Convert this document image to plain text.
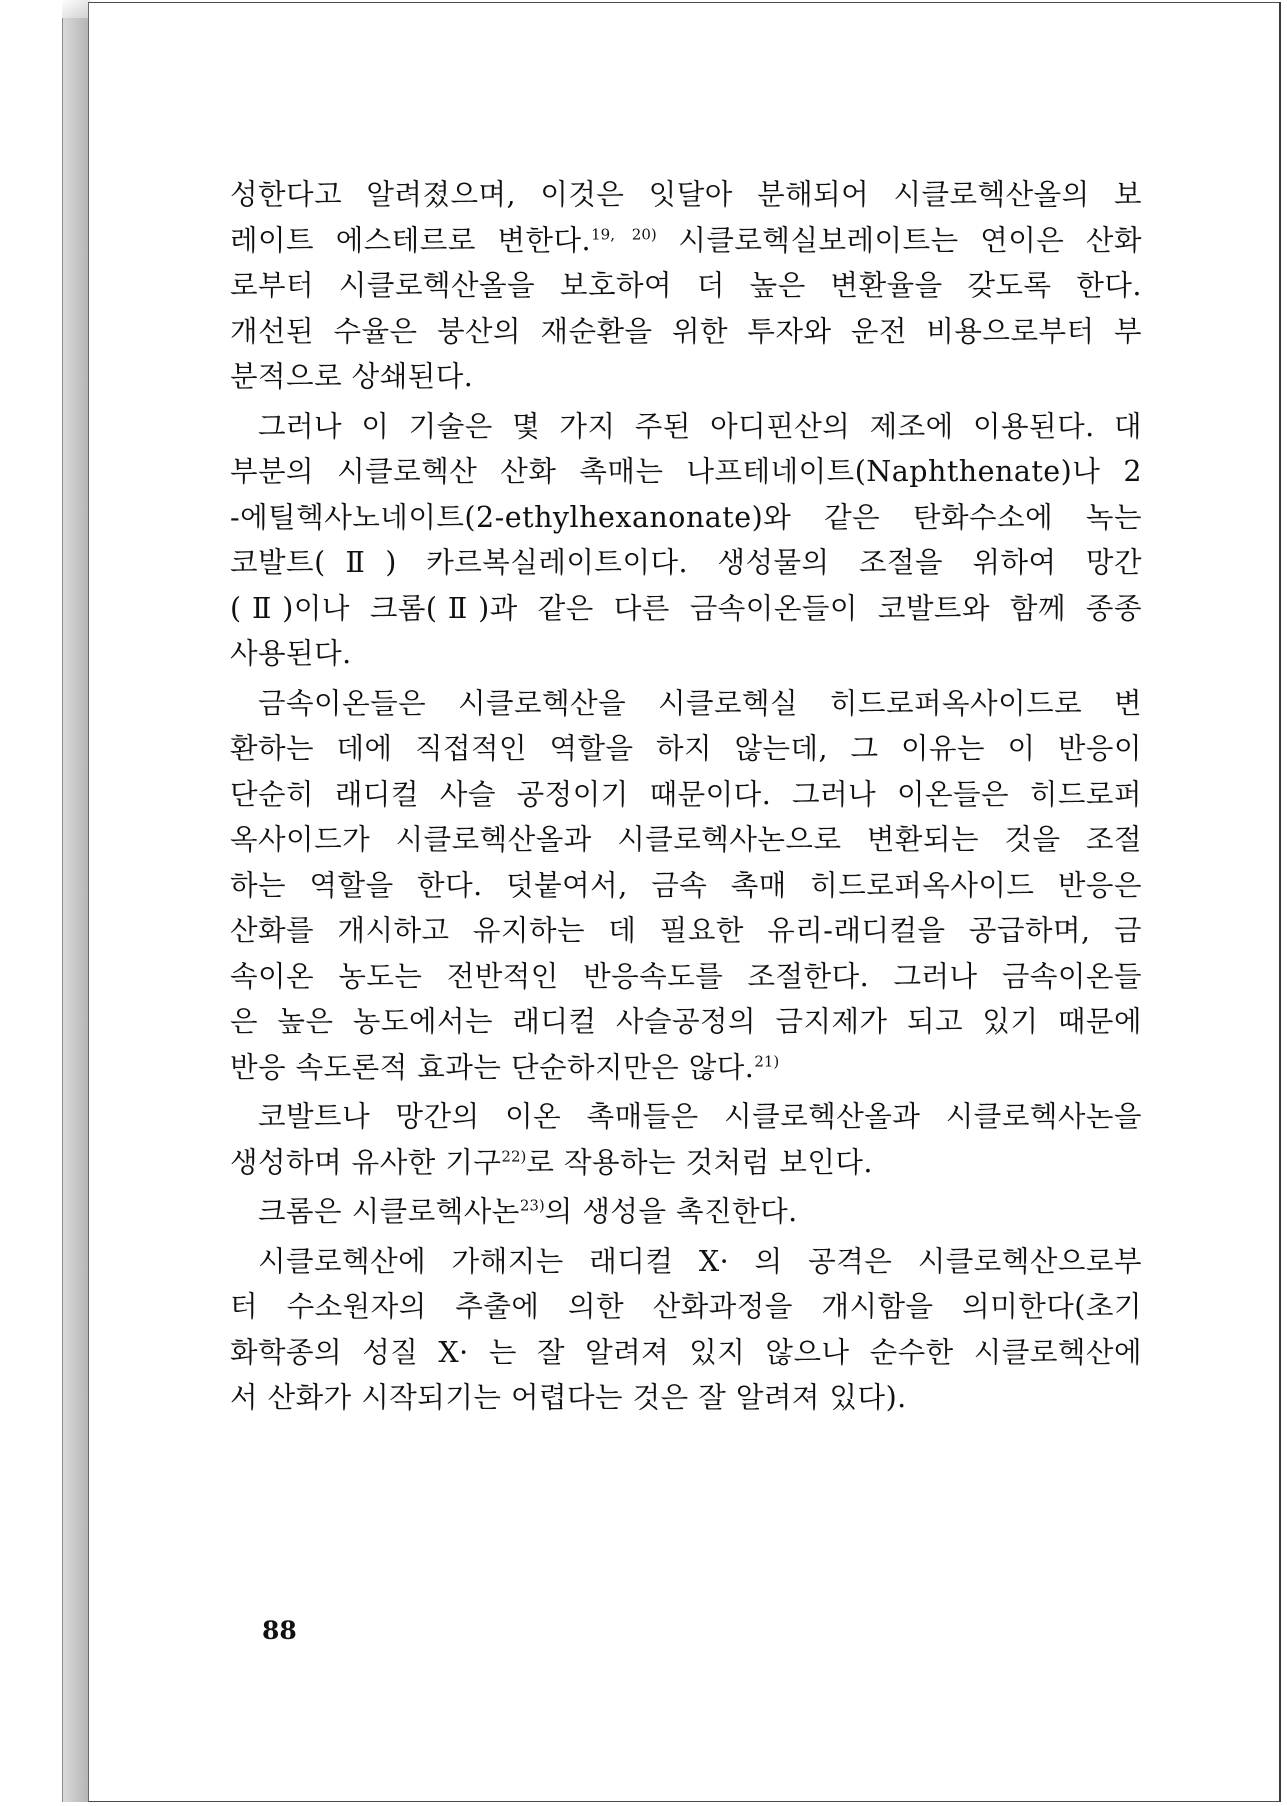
성한다고 알려졌으며, 이것은 잇달아 분해되어 시클로헥산올의 보
레이트 에스테르로 변한다.$^{19, 20)}$ 시클로헥실보레이트는 연이은 산화
로부터 시클로헥산올을 보호하여 더 높은 변환율을 갖도록 한다.
개선된 수율은 붕산의 재순환을 위한 투자와 운전 비용으로부터 부
분적으로 상쇄된다.
그러나 이 기술은 몇 가지 주된 아디핀산의 제조에 이용된다. 대
부분의 시클로헥산 산화 촉매는 나프테네이트(Naphthenate)나 2
-에틸헥사노네이트(2-ethylhexanonate)와 같은 탄화수소에 녹는
코발트(Ⅱ) 카르복실레이트이다. 생성물의 조절을 위하여 망간
(Ⅱ)이나 크롬(Ⅱ)과 같은 다른 금속이온들이 코발트와 함께 종종
사용된다.
금속이온들은 시클로헥산을 시클로헥실 히드로퍼옥사이드로 변
환하는 데에 직접적인 역할을 하지 않는데, 그 이유는 이 반응이
단순히 래디컬 사슬 공정이기 때문이다. 그러나 이온들은 히드로퍼
옥사이드가 시클로헥산올과 시클로헥사논으로 변환되는 것을 조절
하는 역할을 한다. 덧붙여서, 금속 촉매 히드로퍼옥사이드 반응은
산화를 개시하고 유지하는 데 필요한 유리-래디컬을 공급하며, 금
속이온 농도는 전반적인 반응속도를 조절한다. 그러나 금속이온들
은 높은 농도에서는 래디컬 사슬공정의 금지제가 되고 있기 때문에
반응 속도론적 효과는 단순하지만은 않다.$^{21)}$
코발트나 망간의 이온 촉매들은 시클로헥산올과 시클로헥사논을
생성하며 유사한 기구$^{22)}$로 작용하는 것처럼 보인다.
크롬은 시클로헥사논$^{23)}$의 생성을 촉진한다.
시클로헥산에 가해지는 래디컬 X· 의 공격은 시클로헥산으로부
터 수소원자의 추출에 의한 산화과정을 개시함을 의미한다(초기
화학종의 성질 X· 는 잘 알려져 있지 않으나 순수한 시클로헥산에
서 산화가 시작되기는 어렵다는 것은 잘 알려져 있다).
88
